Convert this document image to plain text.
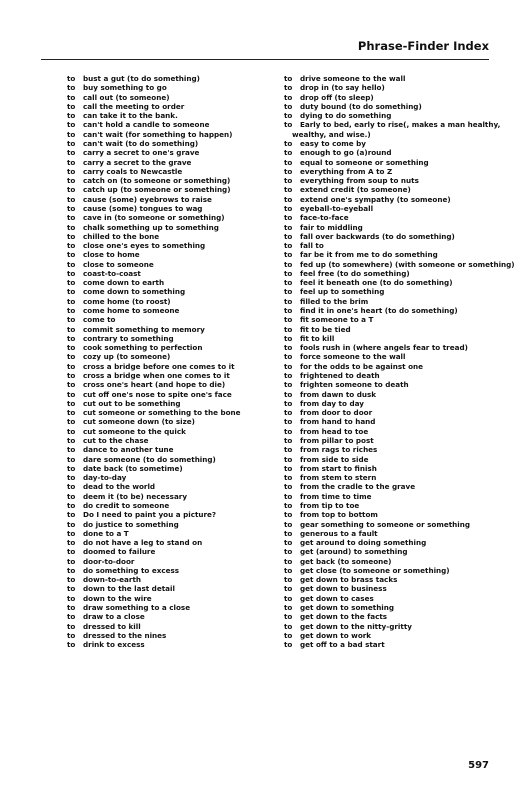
Phrase-Finder Index
to	bust a gut (to do something)
to	buy something to go
to	call out (to someone)
to	call the meeting to order
to	can take it to the bank.
to	can't hold a candle to someone
to	can't wait (for something to happen)
to	can't wait (to do something)
to	carry a secret to one's grave
to	carry a secret to the grave
to	carry coals to Newcastle
to	catch on (to someone or something)
to	catch up (to someone or something)
to	cause (some) eyebrows to raise
to	cause (some) tongues to wag
to	cave in (to someone or something)
to	chalk something up to something
to	chilled to the bone
to	close one's eyes to something
to	close to home
to	close to someone
to	coast-to-coast
to	come down to earth
to	come down to something
to	come home (to roost)
to	come home to someone
to	come to
to	commit something to memory
to	contrary to something
to	cook something to perfection
to	cozy up (to someone)
to	cross a bridge before one comes to it
to	cross a bridge when one comes to it
to	cross one's heart (and hope to die)
to	cut off one's nose to spite one's face
to	cut out to be something
to	cut someone or something to the bone
to	cut someone down (to size)
to	cut someone to the quick
to	cut to the chase
to	dance to another tune
to	dare someone (to do something)
to	date back (to sometime)
to	day-to-day
to	dead to the world
to	deem it (to be) necessary
to	do credit to someone
to	Do I need to paint you a picture?
to	do justice to something
to	done to a T
to	do not have a leg to stand on
to	doomed to failure
to	door-to-door
to	do something to excess
to	down-to-earth
to	down to the last detail
to	down to the wire
to	draw something to a close
to	draw to a close
to	dressed to kill
to	dressed to the nines
to	drink to excess
to	drive someone to the wall
to	drop in (to say hello)
to	drop off (to sleep)
to	duty bound (to do something)
to	dying to do something
to	Early to bed, early to rise(, makes a man healthy,
wealthy, and wise.)
to	easy to come by
to	enough to go (a)round
to	equal to someone or something
to	everything from A to Z
to	everything from soup to nuts
to	extend credit (to someone)
to	extend one's sympathy (to someone)
to	eyeball-to-eyeball
to	face-to-face
to	fair to middling
to	fall over backwards (to do something)
to	fall to
to	far be it from me to do something
to	fed up (to somewhere) (with someone or something)
to	feel free (to do something)
to	feel it beneath one (to do something)
to	feel up to something
to	filled to the brim
to	find it in one's heart (to do something)
to	fit someone to a T
to	fit to be tied
to	fit to kill
to	fools rush in (where angels fear to tread)
to	force someone to the wall
to	for the odds to be against one
to	frightened to death
to	frighten someone to death
to	from dawn to dusk
to	from day to day
to	from door to door
to	from hand to hand
to	from head to toe
to	from pillar to post
to	from rags to riches
to	from side to side
to	from start to finish
to	from stem to stern
to	from the cradle to the grave
to	from time to time
to	from tip to toe
to	from top to bottom
to	gear something to someone or something
to	generous to a fault
to	get around to doing something
to	get (around) to something
to	get back (to someone)
to	get close (to someone or something)
to	get down to brass tacks
to	get down to business
to	get down to cases
to	get down to something
to	get down to the facts
to	get down to the nitty-gritty
to	get down to work
to	get off to a bad start
597
